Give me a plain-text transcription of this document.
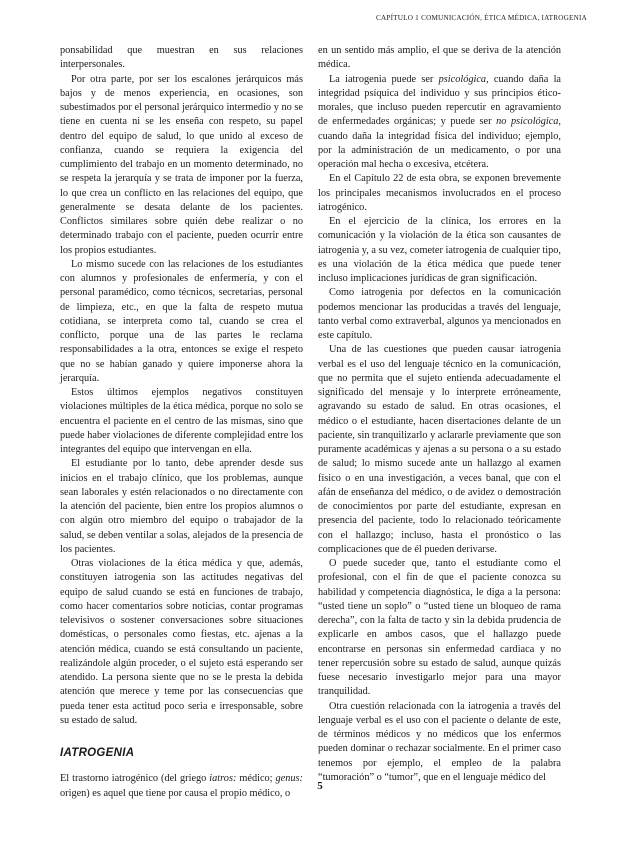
CAPÍTULO 1 COMUNICACIÓN, ÉTICA MÉDICA, IATROGENIA

ponsabilidad que muestran en sus relaciones interpersonales.

Por otra parte, por ser los escalones jerárquicos más bajos y de menos experiencia, en ocasiones, son subestimados por el personal jerárquico intermedio y no se tiene en cuenta ni se les enseña con respeto, su papel dentro del equipo de salud, lo que unido al exceso de confianza, cuando se requiera la exigencia del cumplimiento del trabajo en un momento determinado, no se respeta la jerarquía y se trata de imponer por la fuerza, lo que crea un conflicto en las relaciones del equipo, que generalmente se desata delante de los pacientes. Conflictos similares sobre quién debe realizar o no determinado trabajo con el paciente, pueden ocurrir entre los propios estudiantes.

Lo mismo sucede con las relaciones de los estudiantes con alumnos y profesionales de enfermería, y con el personal paramédico, como técnicos, secretarias, personal de limpieza, etc., en que la falta de respeto mutua cotidiana, se interpreta como tal, cuando se crea el conflicto, porque una de las partes le reclama responsabilidades a la otra, entonces se exige el respeto que no se habían ganado y quiere imponerse ahora la jerarquía.

Estos últimos ejemplos negativos constituyen violaciones múltiples de la ética médica, porque no solo se encuentra el paciente en el centro de las mismas, sino que puede haber violaciones de diferente complejidad entre los integrantes del equipo que intervengan en ella.

El estudiante por lo tanto, debe aprender desde sus inicios en el trabajo clínico, que los problemas, aunque sean laborales y estén relacionados o no directamente con la atención del paciente, bien entre los propios alumnos o con algún otro miembro del equipo o trabajador de la salud, se deben ventilar a solas, alejados de la presencia de los pacientes.

Otras violaciones de la ética médica y que, además, constituyen iatrogenia son las actitudes negativas del equipo de salud cuando se está en funciones de trabajo, como hacer comentarios sobre noticias, contar programas televisivos o sostener conversaciones sobre situaciones domésticas, o personales como fiestas, etc. ajenas a la atención médica, cuando se está consultando un paciente, realizándole algún proceder, o el sujeto está esperando ser atendido. La persona siente que no se le presta la debida atención que merece y teme por las consecuencias que pueda tener esta actitud poco seria e irresponsable, sobre su estado de salud.

IATROGENIA

El trastorno iatrogénico (del griego iatros: médico; genus: origen) es aquel que tiene por causa el propio médico, o

en un sentido más amplio, el que se deriva de la atención médica.

La iatrogenia puede ser psicológica, cuando daña la integridad psíquica del individuo y sus principios ético-morales, que incluso pueden repercutir en agravamiento de enfermedades orgánicas; y puede ser no psicológica, cuando daña la integridad física del individuo; ejemplo, por la administración de un medicamento, o por una operación mal hecha o excesiva, etcétera.

En el Capítulo 22 de esta obra, se exponen brevemente los principales mecanismos involucrados en el proceso iatrogénico.

En el ejercicio de la clínica, los errores en la comunicación y la violación de la ética son causantes de iatrogenia y, a su vez, cometer iatrogenia de cualquier tipo, es una violación de la ética médica que puede tener incluso implicaciones jurídicas de gran significación.

Como iatrogenia por defectos en la comunicación podemos mencionar las producidas a través del lenguaje, tanto verbal como extraverbal, algunos ya mencionados en este capítulo.

Una de las cuestiones que pueden causar iatrogenia verbal es el uso del lenguaje técnico en la comunicación, que no permita que el sujeto entienda adecuadamente el significado del mensaje y lo interprete erróneamente, agravando su estado de salud. En otras ocasiones, el médico o el estudiante, hacen disertaciones delante de un paciente, sin tranquilizarlo y aclararle previamente que son puramente académicas y ajenas a su persona o a su estado de salud; lo mismo sucede ante un hallazgo al examen físico o en una investigación, a veces banal, que con el afán de enseñanza del médico, o de avidez o demostración de conocimientos por parte del estudiante, expresan en presencia del paciente, todo lo relacionado teóricamente con el hallazgo; incluso, hasta el pronóstico o las complicaciones que de él pueden derivarse.

O puede suceder que, tanto el estudiante como el profesional, con el fin de que el paciente conozca su habilidad y competencia diagnóstica, le diga a la persona: “usted tiene un soplo” o “usted tiene un bloqueo de rama derecha”, con la falta de tacto y sin la debida prudencia de explicarle en ambos casos, que el hallazgo puede encontrarse en personas sin enfermedad cardiaca y no tener repercusión sobre su estado de salud, aunque quizás fuese necesario investigarlo mejor para una mayor tranquilidad.

Otra cuestión relacionada con la iatrogenia a través del lenguaje verbal es el uso con el paciente o delante de este, de términos médicos y no médicos que los enfermos pueden dominar o rechazar socialmente. En el primer caso tenemos por ejemplo, el empleo de la palabra “tumoración” o “tumor”, que en el lenguaje médico del

5
